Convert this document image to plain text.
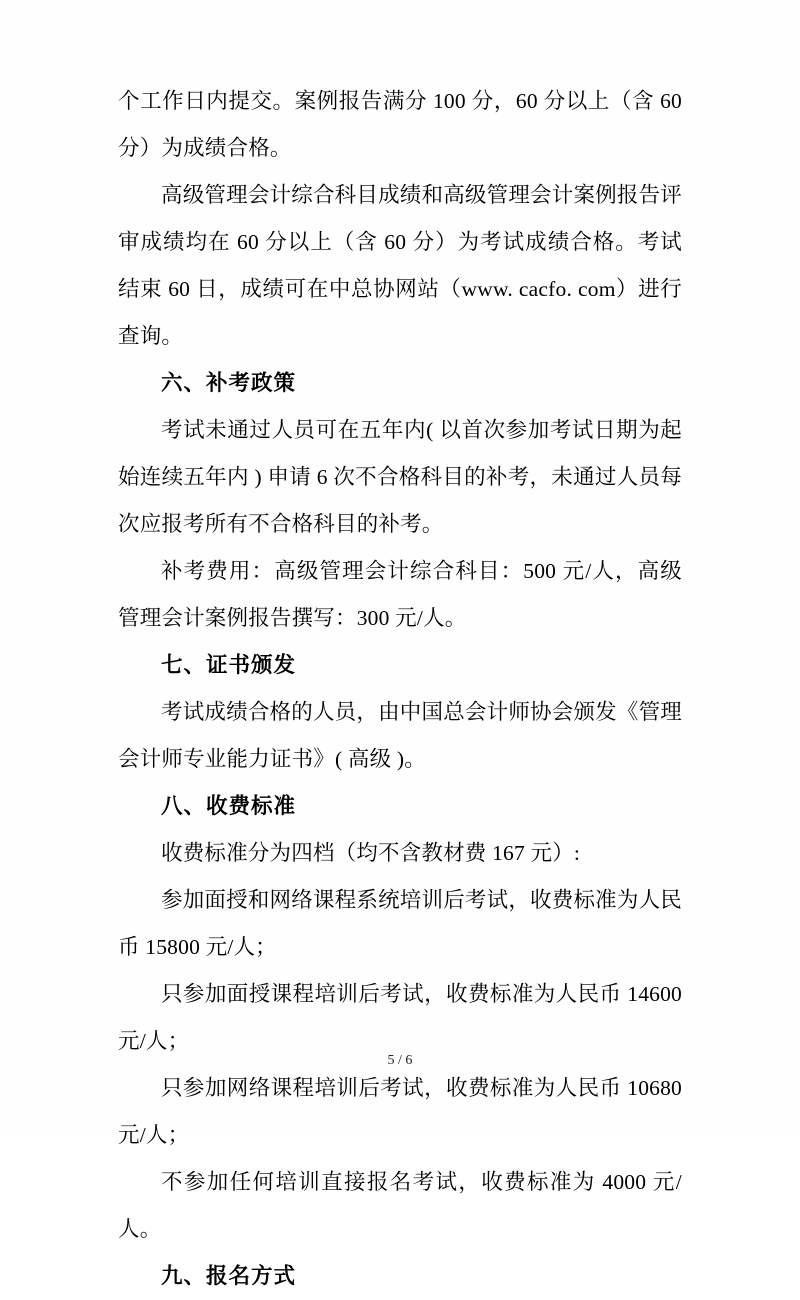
个工作日内提交。案例报告满分 100 分，60 分以上（含 60 分）为成绩合格。

高级管理会计综合科目成绩和高级管理会计案例报告评审成绩均在 60 分以上（含 60 分）为考试成绩合格。考试结束 60 日，成绩可在中总协网站（www. cacfo. com）进行查询。

六、补考政策

考试未通过人员可在五年内( 以首次参加考试日期为起始连续五年内 ) 申请 6 次不合格科目的补考，未通过人员每次应报考所有不合格科目的补考。

补考费用：高级管理会计综合科目：500 元/人，高级管理会计案例报告撰写：300 元/人。

七、证书颁发

考试成绩合格的人员，由中国总会计师协会颁发《管理会计师专业能力证书》( 高级 )。

八、收费标准

收费标准分为四档（均不含教材费 167 元）:

参加面授和网络课程系统培训后考试，收费标准为人民币 15800 元/人；

只参加面授课程培训后考试，收费标准为人民币 14600 元/人；

只参加网络课程培训后考试，收费标准为人民币 10680 元/人；

不参加任何培训直接报名考试，收费标准为 4000 元/人。

九、报名方式

5 / 6
